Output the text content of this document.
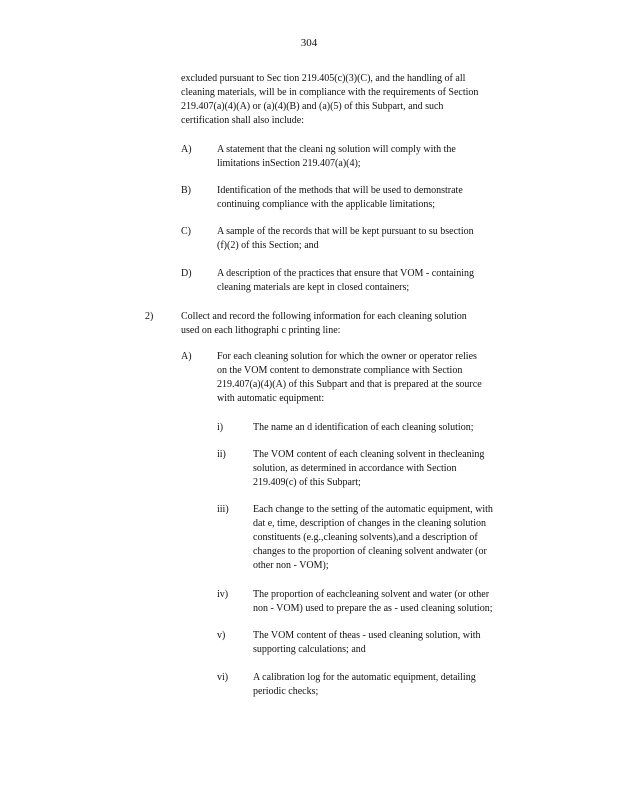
304
excluded pursuant to Sec tion 219.405(c)(3)(C), and the handling of all
cleaning materials, will be in compliance with the requirements of Section
219.407(a)(4)(A) or (a)(4)(B) and (a)(5) of this Subpart, and such
certification shall also include:
A)	A statement that the cleani ng solution will comply with the
limitations inSection 219.407(a)(4);
B)	Identification of the methods that will be used to demonstrate
continuing compliance with the applicable limitations;
C)	A sample of the records that will be kept pursuant to su bsection
(f)(2) of this Section; and
D)	A description of the practices that ensure that VOM - containing
cleaning materials are kept in closed containers;
2)	Collect and record the following information for each cleaning solution
used on each lithographi c printing line:
A)	For each cleaning solution for which the owner or operator relies
on the VOM content to demonstrate compliance with Section
219.407(a)(4)(A) of this Subpart and that is prepared at the source
with automatic equipment:
i)	The name an d identification of each cleaning solution;
ii)	The VOM content of each cleaning solvent in thecleaning
solution, as determined in accordance with Section
219.409(c) of this Subpart;
iii) Each change to the setting of the automatic equipment, with
dat e, time, description of changes in the cleaning solution
constituents (e.g.,cleaning solvents),and a description of
changes to the proportion of cleaning solvent andwater (or
other non - VOM);
iv) The proportion of eachcleaning solvent and water (or other
non - VOM) used to prepare the as - used cleaning solution;
v)	The VOM content of theas - used cleaning solution, with
supporting calculations; and
vi) A calibration log for the automatic equipment, detailing
periodic checks;
